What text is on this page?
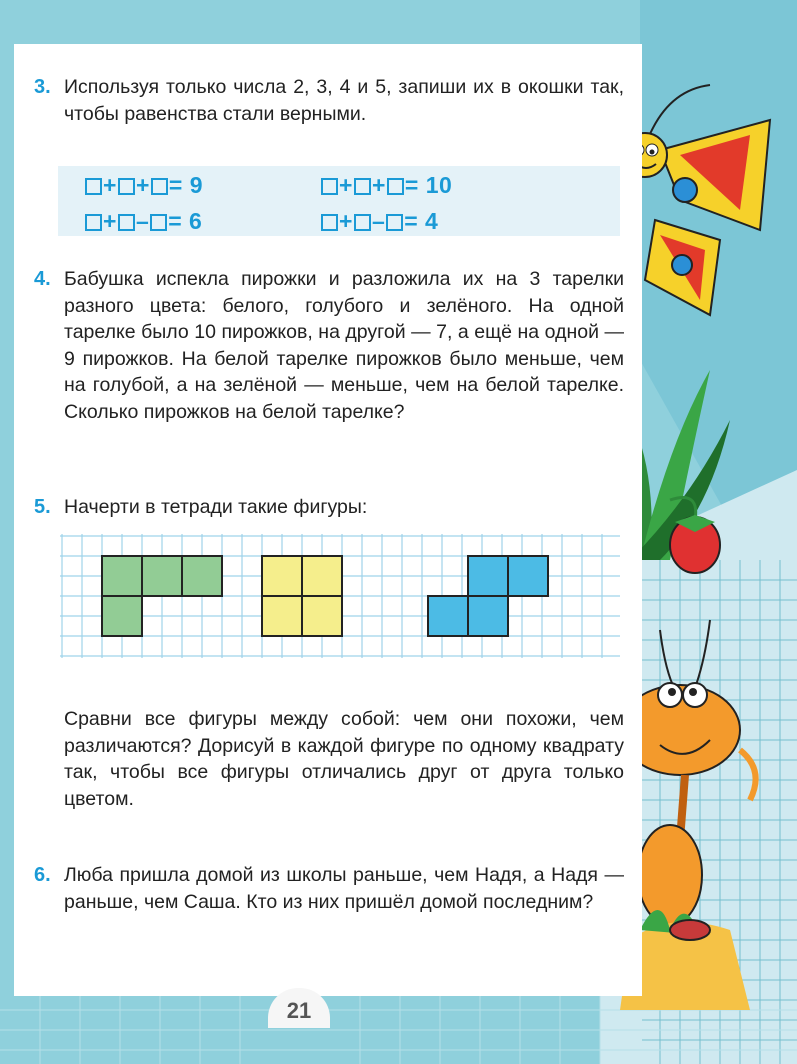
3. Используя только числа 2, 3, 4 и 5, запиши их в окошки так, чтобы равенства стали верными.
+ + = 9	+ + = 10
+ – = 6	+ – = 4
4. Бабушка испекла пирожки и разложила их на 3 тарелки разного цвета: белого, голубого и зелёного. На одной тарелке было 10 пирожков, на другой — 7, а ещё на одной — 9 пирожков. На белой тарелке пирожков было меньше, чем на голубой, а на зелёной — меньше, чем на белой тарелке. Сколько пирожков на белой тарелке?
5. Начерти в тетради такие фигуры:
Сравни все фигуры между собой: чем они похожи, чем различаются? Дорисуй в каждой фигуре по одному квадрату так, чтобы все фигуры отличались друг от друга только цветом.
6. Люба пришла домой из школы раньше, чем Надя, а Надя — раньше, чем Саша. Кто из них пришёл домой последним?
21
